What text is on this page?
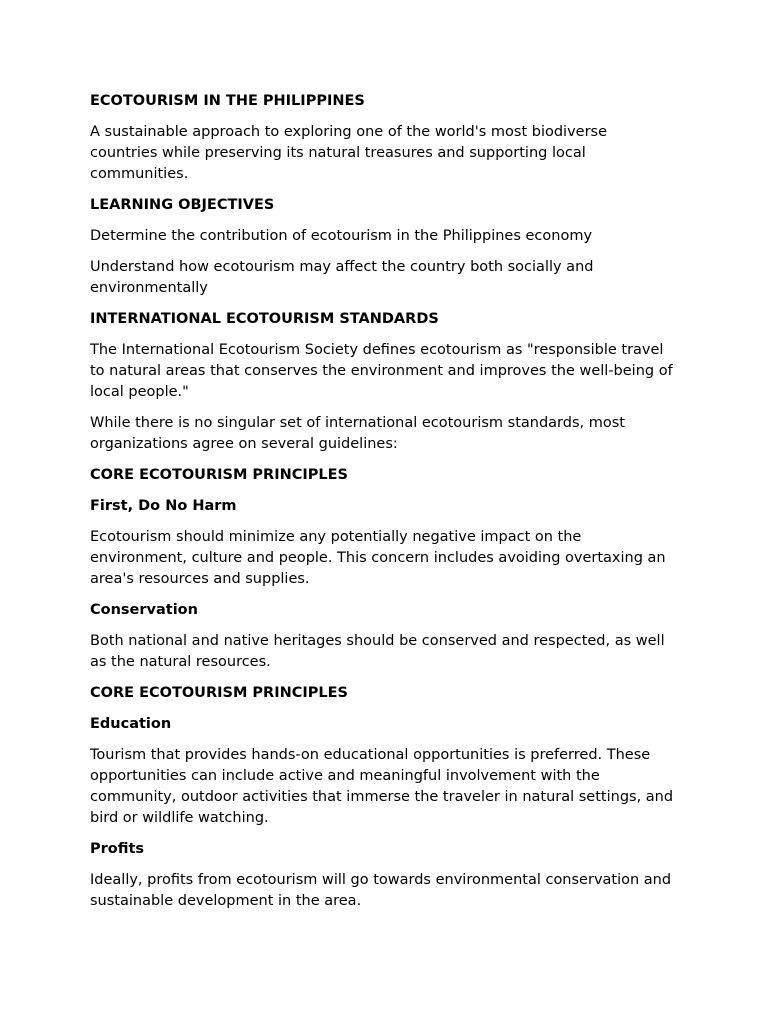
ECOTOURISM IN THE PHILIPPINES
A sustainable approach to exploring one of the world's most biodiverse countries while preserving its natural treasures and supporting local communities.
LEARNING OBJECTIVES
Determine the contribution of ecotourism in the Philippines economy
Understand how ecotourism may affect the country both socially and environmentally
INTERNATIONAL ECOTOURISM STANDARDS
The International Ecotourism Society defines ecotourism as "responsible travel to natural areas that conserves the environment and improves the well-being of local people."
While there is no singular set of international ecotourism standards, most organizations agree on several guidelines:
CORE ECOTOURISM PRINCIPLES
First, Do No Harm
Ecotourism should minimize any potentially negative impact on the environment, culture and people. This concern includes avoiding overtaxing an area's resources and supplies.
Conservation
Both national and native heritages should be conserved and respected, as well as the natural resources.
CORE ECOTOURISM PRINCIPLES
Education
Tourism that provides hands-on educational opportunities is preferred. These opportunities can include active and meaningful involvement with the community, outdoor activities that immerse the traveler in natural settings, and bird or wildlife watching.
Profits
Ideally, profits from ecotourism will go towards environmental conservation and sustainable development in the area.
